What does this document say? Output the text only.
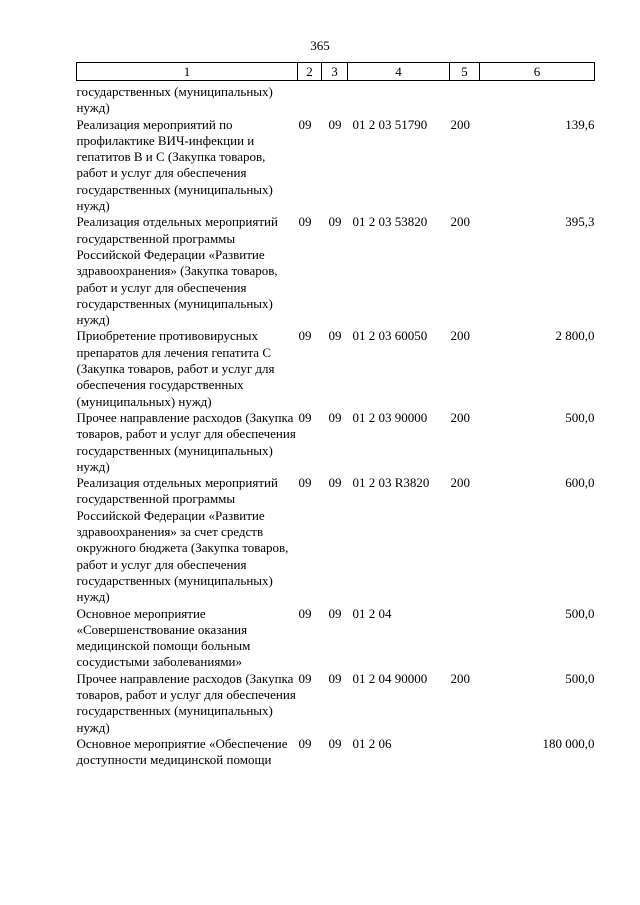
365
1	2	3	4	5	6
государственных (муниципальных) нужд)					
Реализация мероприятий по профилактике ВИЧ-инфекции и гепатитов В и С (Закупка товаров, работ и услуг для обеспечения государственных (муниципальных) нужд)	09	09	01 2 03 51790	200	139,6
Реализация отдельных мероприятий государственной программы Российской Федерации «Развитие здравоохранения» (Закупка товаров, работ и услуг для обеспечения государственных (муниципальных) нужд)	09	09	01 2 03 53820	200	395,3
Приобретение противовирусных препаратов для лечения гепатита С (Закупка товаров, работ и услуг для обеспечения государственных (муниципальных) нужд)	09	09	01 2 03 60050	200	2 800,0
Прочее направление расходов (Закупка товаров, работ и услуг для обеспечения государственных (муниципальных) нужд)	09	09	01 2 03 90000	200	500,0
Реализация отдельных мероприятий государственной программы Российской Федерации «Развитие здравоохранения» за счет средств окружного бюджета (Закупка товаров, работ и услуг для обеспечения государственных (муниципальных) нужд)	09	09	01 2 03 R3820	200	600,0
Основное мероприятие «Совершенствование оказания медицинской помощи больным сосудистыми заболеваниями»	09	09	01 2 04		500,0
Прочее направление расходов (Закупка товаров, работ и услуг для обеспечения государственных (муниципальных) нужд)	09	09	01 2 04 90000	200	500,0
Основное мероприятие «Обеспечение доступности медицинской помощи	09	09	01 2 06		180 000,0
